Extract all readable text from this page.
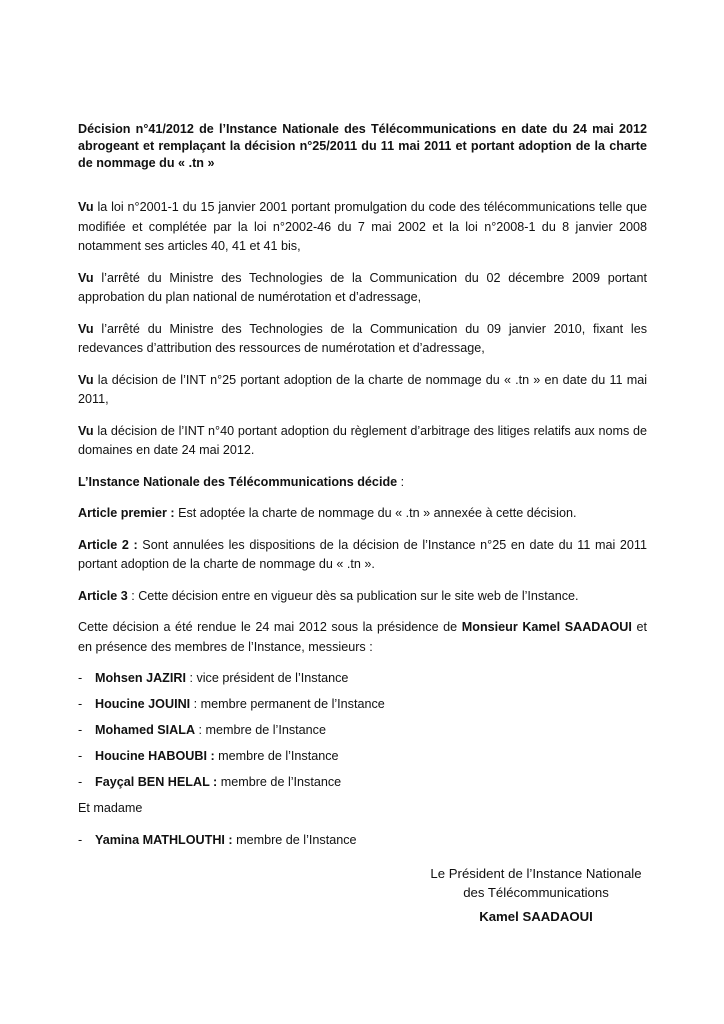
Décision n°41/2012 de l’Instance Nationale des Télécommunications en date du 24 mai 2012 abrogeant et remplaçant la décision n°25/2011 du 11 mai 2011 et portant adoption de la charte de nommage du « .tn »

Vu la loi n°2001-1 du 15 janvier 2001 portant promulgation du code des télécommunications telle que modifiée et complétée par la loi n°2002-46 du 7 mai 2002 et la loi n°2008-1 du 8 janvier 2008 notamment ses articles 40, 41 et 41 bis,

Vu l’arrêté du Ministre des Technologies de la Communication du 02 décembre 2009 portant approbation du plan national de numérotation et d’adressage,

Vu l’arrêté du Ministre des Technologies de la Communication du 09 janvier 2010, fixant les redevances d’attribution des ressources de numérotation et d’adressage,

Vu la décision de l’INT n°25 portant adoption de la charte de nommage du « .tn » en date du 11 mai 2011,

Vu la décision de l’INT n°40 portant adoption du règlement d’arbitrage des litiges relatifs aux noms de domaines en date 24 mai 2012.

L’Instance Nationale des Télécommunications décide :

Article premier : Est adoptée la charte de nommage du « .tn » annexée à cette décision.

Article 2 : Sont annulées les dispositions de la décision de l’Instance n°25 en date du 11 mai 2011 portant adoption de la charte de nommage du « .tn ».

Article 3 : Cette décision entre en vigueur dès sa publication sur le site web de l’Instance.

Cette décision a été rendue le 24 mai 2012 sous la présidence de Monsieur Kamel SAADAOUI et en présence des membres de l’Instance, messieurs :

- Mohsen JAZIRI : vice président de l’Instance
- Houcine JOUINI : membre permanent de l’Instance
- Mohamed SIALA : membre de l’Instance
- Houcine HABOUBI : membre de l’Instance
- Fayçal BEN HELAL : membre de l’Instance
Et madame
- Yamina MATHLOUTHI : membre de l’Instance
Le Président de l’Instance Nationale
des Télécommunications
Kamel SAADAOUI
